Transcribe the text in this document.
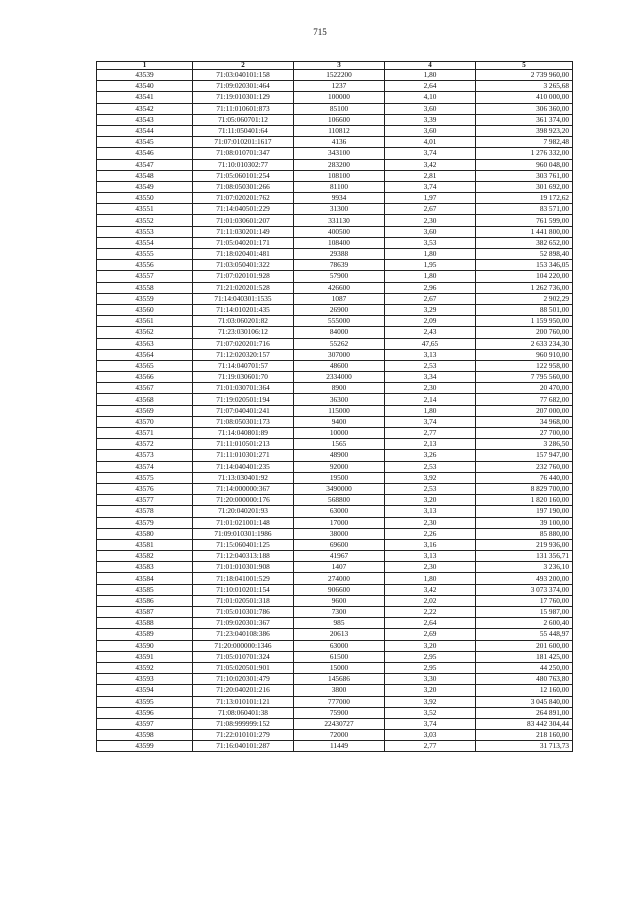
715
1	2	3	4	5
43539	71:03:040101:158	1522200	1,80	2 739 960,00
43540	71:09:020301:464	1237	2,64	3 265,68
43541	71:19:010301:129	100000	4,10	410 000,00
43542	71:11:010601:873	85100	3,60	306 360,00
43543	71:05:060701:12	106600	3,39	361 374,00
43544	71:11:050401:64	110812	3,60	398 923,20
43545	71:07:010201:1617	4136	4,01	7 982,48
43546	71:08:010701:347	343100	3,74	1 276 332,00
43547	71:10:010302:77	283200	3,42	960 048,00
43548	71:05:060101:254	108100	2,81	303 761,00
43549	71:08:050301:266	81100	3,74	301 692,00
43550	71:07:020201:762	9934	1,97	19 172,62
43551	71:14:040501:229	31300	2,67	83 571,00
43552	71:01:030601:207	331130	2,30	761 599,00
43553	71:11:030201:149	400500	3,60	1 441 800,00
43554	71:05:040201:171	108400	3,53	382 652,00
43555	71:18:020401:481	29388	1,80	52 898,40
43556	71:03:050401:322	78639	1,95	153 346,05
43557	71:07:020101:928	57900	1,80	104 220,00
43558	71:21:020201:528	426600	2,96	1 262 736,00
43559	71:14:040301:1535	1087	2,67	2 902,29
43560	71:14:010201:435	26900	3,29	88 501,00
43561	71:03:060201:82	555000	2,09	1 159 950,00
43562	71:23:030106:12	84000	2,43	200 760,00
43563	71:07:020201:716	55262	47,65	2 633 234,30
43564	71:12:020320:157	307000	3,13	960 910,00
43565	71:14:040701:57	48600	2,53	122 958,00
43566	71:19:030601:70	2334000	3,34	7 795 560,00
43567	71:01:030701:364	8900	2,30	20 470,00
43568	71:19:020501:194	36300	2,14	77 682,00
43569	71:07:040401:241	115000	1,80	207 000,00
43570	71:08:050301:173	9400	3,74	34 968,00
43571	71:14:040801:89	10000	2,77	27 700,00
43572	71:11:010501:213	1565	2,13	3 286,50
43573	71:11:010301:271	48900	3,26	157 947,00
43574	71:14:040401:235	92000	2,53	232 760,00
43575	71:13:030401:92	19500	3,92	76 440,00
43576	71:14:000000:367	3490000	2,53	8 829 700,00
43577	71:20:000000:176	568800	3,20	1 820 160,00
43578	71:20:040201:93	63000	3,13	197 190,00
43579	71:01:021001:148	17000	2,30	39 100,00
43580	71:09:010301:1986	38000	2,26	85 880,00
43581	71:15:060401:125	69600	3,16	219 936,00
43582	71:12:040313:188	41967	3,13	131 356,71
43583	71:01:010301:908	1407	2,30	3 236,10
43584	71:18:041001:529	274000	1,80	493 200,00
43585	71:10:010201:154	906600	3,42	3 073 374,00
43586	71:01:020501:318	9600	2,02	17 760,00
43587	71:05:010301:786	7300	2,22	15 987,00
43588	71:09:020301:367	985	2,64	2 600,40
43589	71:23:040108:386	20613	2,69	55 448,97
43590	71:20:000000:1346	63000	3,20	201 600,00
43591	71:05:010701:324	61500	2,95	181 425,00
43592	71:05:020501:901	15000	2,95	44 250,00
43593	71:10:020301:479	145686	3,30	480 763,80
43594	71:20:040201:216	3800	3,20	12 160,00
43595	71:13:010101:121	777000	3,92	3 045 840,00
43596	71:08:060401:38	75900	3,52	264 891,00
43597	71:08:999999:152	22430727	3,74	83 442 304,44
43598	71:22:010101:279	72000	3,03	218 160,00
43599	71:16:040101:287	11449	2,77	31 713,73
